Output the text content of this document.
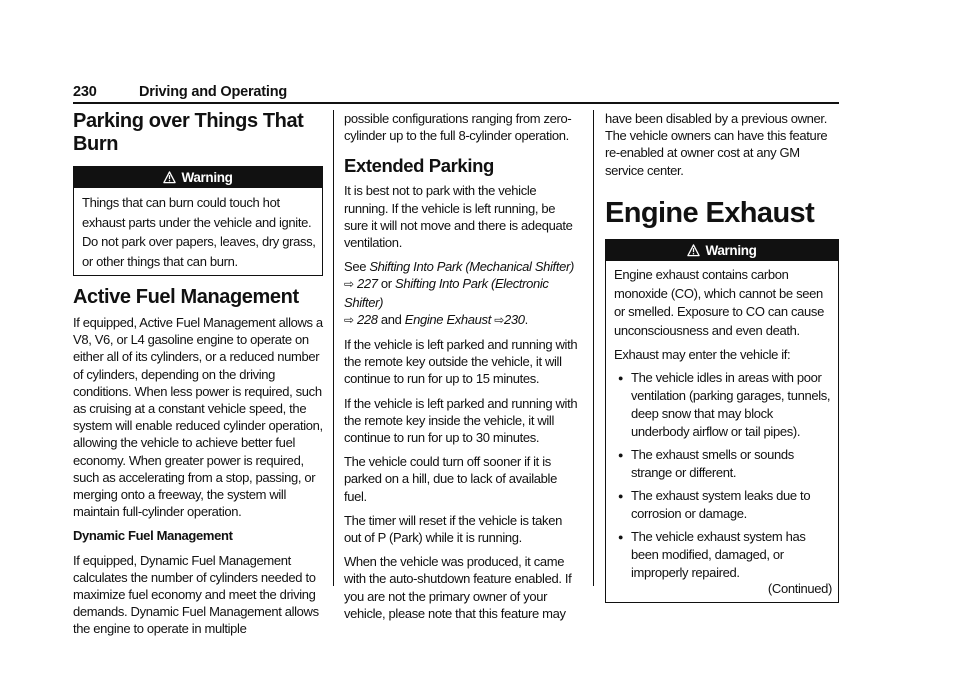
230	Driving and Operating
Parking over Things That Burn
Warning

Things that can burn could touch hot exhaust parts under the vehicle and ignite. Do not park over papers, leaves, dry grass, or other things that can burn.

Active Fuel Management

If equipped, Active Fuel Management allows a V8, V6, or L4 gasoline engine to operate on either all of its cylinders, or a reduced number of cylinders, depending on the driving conditions. When less power is required, such as cruising at a constant vehicle speed, the system will enable reduced cylinder operation, allowing the vehicle to achieve better fuel economy. When greater power is required, such as accelerating from a stop, passing, or merging onto a freeway, the system will maintain full-cylinder operation.

Dynamic Fuel Management

If equipped, Dynamic Fuel Management calculates the number of cylinders needed to maximize fuel economy and meet the driving demands. Dynamic Fuel Management allows the engine to operate in multiple

possible configurations ranging from zero-cylinder up to the full 8-cylinder operation.

Extended Parking

It is best not to park with the vehicle running. If the vehicle is left running, be sure it will not move and there is adequate ventilation.

See Shifting Into Park (Mechanical Shifter)
⇨ 227 or Shifting Into Park (Electronic Shifter)
⇨ 228 and Engine Exhaust ⇨230.

If the vehicle is left parked and running with the remote key outside the vehicle, it will continue to run for up to 15 minutes.

If the vehicle is left parked and running with the remote key inside the vehicle, it will continue to run for up to 30 minutes.

The vehicle could turn off sooner if it is parked on a hill, due to lack of available fuel.

The timer will reset if the vehicle is taken out of P (Park) while it is running.

When the vehicle was produced, it came with the auto-shutdown feature enabled. If you are not the primary owner of your vehicle, please note that this feature may

have been disabled by a previous owner. The vehicle owners can have this feature re-enabled at owner cost at any GM service center.

Engine Exhaust
Warning

Engine exhaust contains carbon monoxide (CO), which cannot be seen or smelled. Exposure to CO can cause unconsciousness and even death.

Exhaust may enter the vehicle if:

● The vehicle idles in areas with poor ventilation (parking garages, tunnels, deep snow that may block underbody airflow or tail pipes).

● The exhaust smells or sounds strange or different.

● The exhaust system leaks due to corrosion or damage.

● The vehicle exhaust system has been modified, damaged, or improperly repaired.

(Continued)
